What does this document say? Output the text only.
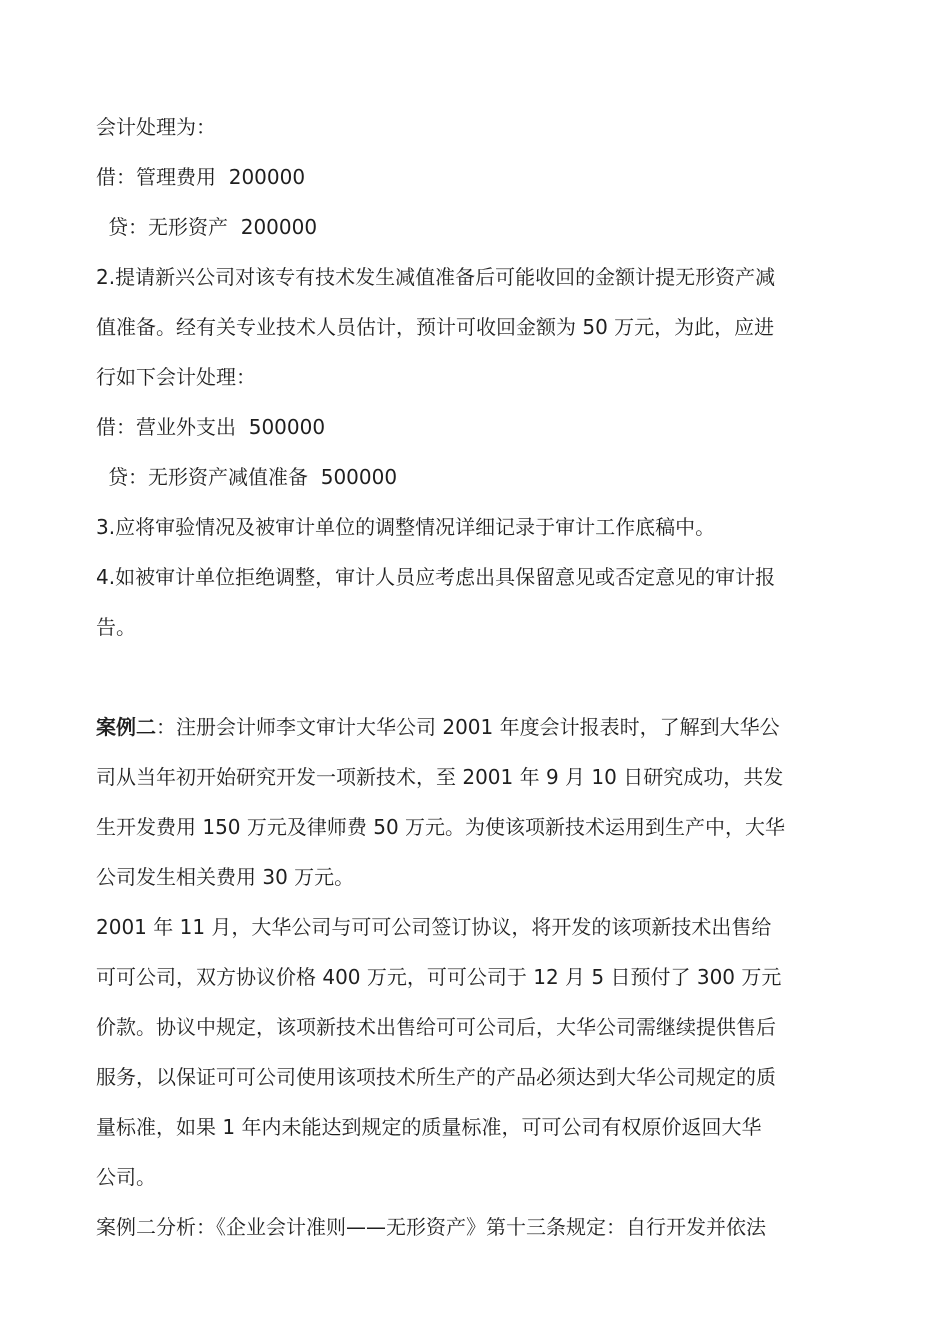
会计处理为：
借：管理费用  200000
贷：无形资产  200000
2.提请新兴公司对该专有技术发生减值准备后可能收回的金额计提无形资产减
值准备。经有关专业技术人员估计，预计可收回金额为 50 万元，为此，应进
行如下会计处理：
借：营业外支出  500000
贷：无形资产减值准备  500000
3.应将审验情况及被审计单位的调整情况详细记录于审计工作底稿中。
4.如被审计单位拒绝调整，审计人员应考虑出具保留意见或否定意见的审计报
告。
案例二：注册会计师李文审计大华公司 2001 年度会计报表时，了解到大华公
司从当年初开始研究开发一项新技术，至 2001 年 9 月 10 日研究成功，共发
生开发费用 150 万元及律师费 50 万元。为使该项新技术运用到生产中，大华
公司发生相关费用 30 万元。
2001 年 11 月，大华公司与可可公司签订协议，将开发的该项新技术出售给
可可公司，双方协议价格 400 万元，可可公司于 12 月 5 日预付了 300 万元
价款。协议中规定，该项新技术出售给可可公司后，大华公司需继续提供售后
服务，以保证可可公司使用该项技术所生产的产品必须达到大华公司规定的质
量标准，如果 1 年内未能达到规定的质量标准，可可公司有权原价返回大华
公司。
案例二分析：《企业会计准则——无形资产》第十三条规定：自行开发并依法
